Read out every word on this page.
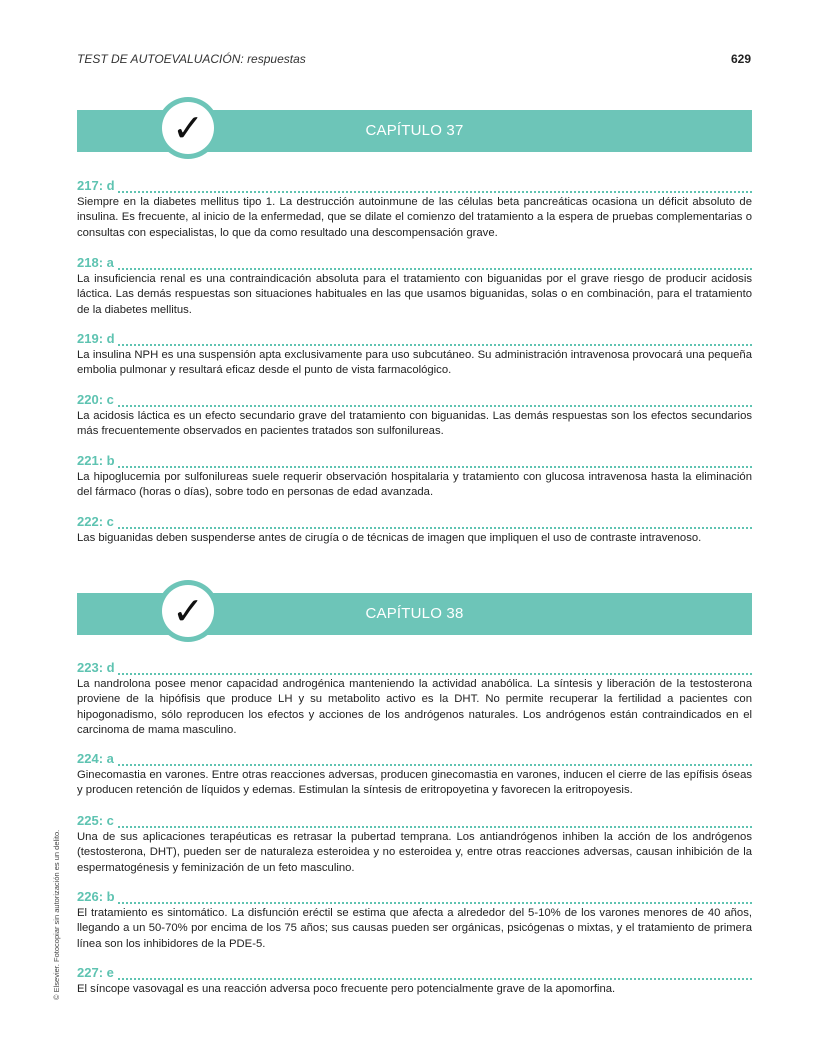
TEST DE AUTOEVALUACIÓN: respuestas	629
✓	CAPÍTULO 37
217: d
Siempre en la diabetes mellitus tipo 1. La destrucción autoinmune de las células beta pancreáticas ocasiona un déficit absoluto de insulina. Es frecuente, al inicio de la enfermedad, que se dilate el comienzo del tratamiento a la espera de pruebas complementarias o consultas con especialistas, lo que da como resultado una descompensación grave.
218: a
La insuficiencia renal es una contraindicación absoluta para el tratamiento con biguanidas por el grave riesgo de producir acidosis láctica. Las demás respuestas son situaciones habituales en las que usamos biguanidas, solas o en combinación, para el tratamiento de la diabetes mellitus.
219: d
La insulina NPH es una suspensión apta exclusivamente para uso subcutáneo. Su administración intravenosa provocará una pequeña embolia pulmonar y resultará eficaz desde el punto de vista farmacológico.
220: c
La acidosis láctica es un efecto secundario grave del tratamiento con biguanidas. Las demás respuestas son los efectos secundarios más frecuentemente observados en pacientes tratados son sulfonilureas.
221: b
La hipoglucemia por sulfonilureas suele requerir observación hospitalaria y tratamiento con glucosa intravenosa hasta la eliminación del fármaco (horas o días), sobre todo en personas de edad avanzada.
222: c
Las biguanidas deben suspenderse antes de cirugía o de técnicas de imagen que impliquen el uso de contraste intravenoso.
✓	CAPÍTULO 38
223: d
La nandrolona posee menor capacidad androgénica manteniendo la actividad anabólica. La síntesis y liberación de la testosterona proviene de la hipófisis que produce LH y su metabolito activo es la DHT. No permite recuperar la fertilidad a pacientes con hipogonadismo, sólo reproducen los efectos y acciones de los andrógenos naturales. Los andrógenos están contraindicados en el carcinoma de mama masculino.
224: a
Ginecomastia en varones. Entre otras reacciones adversas, producen ginecomastia en varones, inducen el cierre de las epífisis óseas y producen retención de líquidos y edemas. Estimulan la síntesis de eritropoyetina y favorecen la eritropoyesis.
225: c
Una de sus aplicaciones terapéuticas es retrasar la pubertad temprana. Los antiandrógenos inhiben la acción de los andrógenos (testosterona, DHT), pueden ser de naturaleza esteroidea y no esteroidea y, entre otras reacciones adversas, causan inhibición de la espermatogénesis y feminización de un feto masculino.
226: b
El tratamiento es sintomático. La disfunción eréctil se estima que afecta a alrededor del 5-10% de los varones menores de 40 años, llegando a un 50-70% por encima de los 75 años; sus causas pueden ser orgánicas, psicógenas o mixtas, y el tratamiento de primera línea son los inhibidores de la PDE-5.
227: e
El síncope vasovagal es una reacción adversa poco frecuente pero potencialmente grave de la apomorfina.
© Elsevier. Fotocopiar sin autorización es un delito.
